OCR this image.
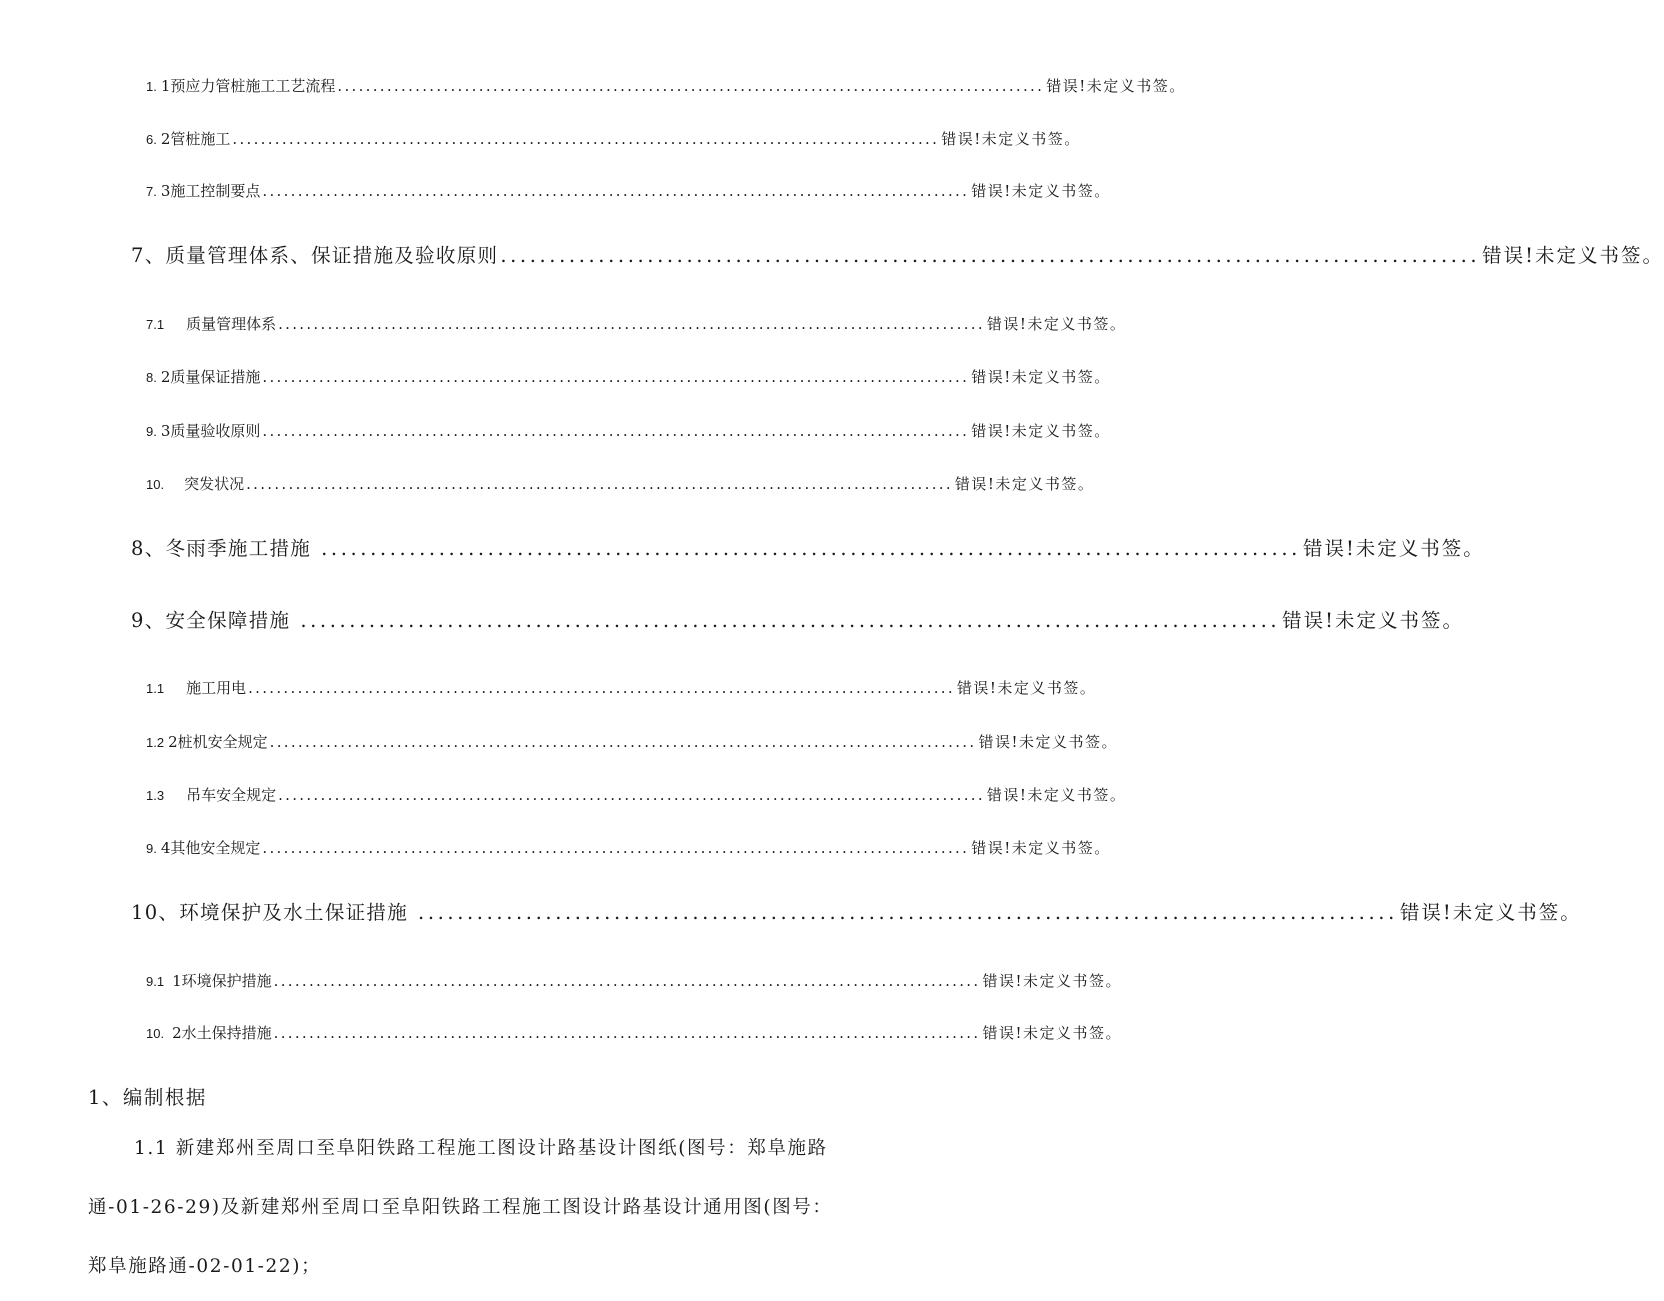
1. 1预应力管桩施工工艺流程 .................................................................................................... 错误!未定义书签。
6. 2管桩施工 .................................................................................................... 错误!未定义书签。
7. 3施工控制要点 .................................................................................................... 错误!未定义书签。
7、质量管理体系、保证措施及验收原则 .................................................................................................... 错误!未定义书签。
7.1 质量管理体系 .................................................................................................... 错误!未定义书签。
8. 2质量保证措施 .................................................................................................... 错误!未定义书签。
9. 3质量验收原则 .................................................................................................... 错误!未定义书签。
10. 突发状况 .................................................................................................... 错误!未定义书签。
8、冬雨季施工措施 .................................................................................................... 错误!未定义书签。
9、安全保障措施 .................................................................................................... 错误!未定义书签。
1.1 施工用电 .................................................................................................... 错误!未定义书签。
1.2 2桩机安全规定 .................................................................................................... 错误!未定义书签。
1.3 吊车安全规定 .................................................................................................... 错误!未定义书签。
9. 4其他安全规定 .................................................................................................... 错误!未定义书签。
10、环境保护及水土保证措施 .................................................................................................... 错误!未定义书签。
9.1 1环境保护措施 .................................................................................................... 错误!未定义书签。
10. 2水土保持措施 .................................................................................................... 错误!未定义书签。
1、编制根据
1.1 新建郑州至周口至阜阳铁路工程施工图设计路基设计图纸(图号：郑阜施路
通-01-26-29)及新建郑州至周口至阜阳铁路工程施工图设计路基设计通用图(图号：
郑阜施路通-02-01-22)；
